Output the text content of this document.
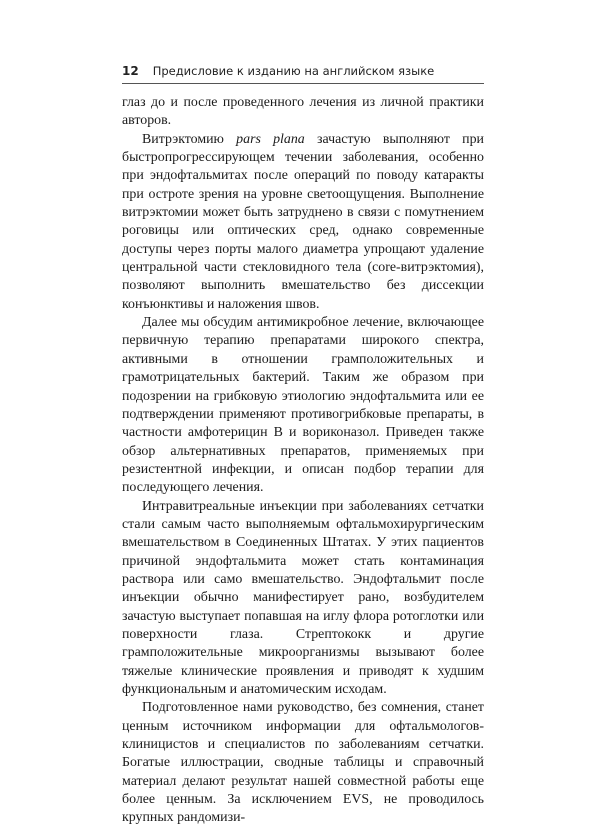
12 Предисловие к изданию на английском языке

глаз до и после проведенного лечения из личной практики авторов.

Витрэктомию pars plana зачастую выполняют при быстропрогрессирующем течении заболевания, особенно при эндофтальмитах после операций по поводу катаракты при остроте зрения на уровне светоощущения. Выполнение витрэктомии может быть затруднено в связи с помутнением роговицы или оптических сред, однако современные доступы через порты малого диаметра упрощают удаление центральной части стекловидного тела (core-витрэктомия), позволяют выполнить вмешательство без диссекции конъюнктивы и наложения швов.

Далее мы обсудим антимикробное лечение, включающее первичную терапию препаратами широкого спектра, активными в отношении грамположительных и грамотрицательных бактерий. Таким же образом при подозрении на грибковую этиологию эндофтальмита или ее подтверждении применяют противогрибковые препараты, в частности амфотерицин В и вориконазол. Приведен также обзор альтернативных препаратов, применяемых при резистентной инфекции, и описан подбор терапии для последующего лечения.

Интравитреальные инъекции при заболеваниях сетчатки стали самым часто выполняемым офтальмохирургическим вмешательством в Соединенных Штатах. У этих пациентов причиной эндофтальмита может стать контаминация раствора или само вмешательство. Эндофтальмит после инъекции обычно манифестирует рано, возбудителем зачастую выступает попавшая на иглу флора ротоглотки или поверхности глаза. Стрептококк и другие грамположительные микроорганизмы вызывают более тяжелые клинические проявления и приводят к худшим функциональным и анатомическим исходам.

Подготовленное нами руководство, без сомнения, станет ценным источником информации для офтальмологов-клиницистов и специалистов по заболеваниям сетчатки. Богатые иллюстрации, сводные таблицы и справочный материал делают результат нашей совместной работы еще более ценным. За исключением EVS, не проводилось крупных рандомизи-
